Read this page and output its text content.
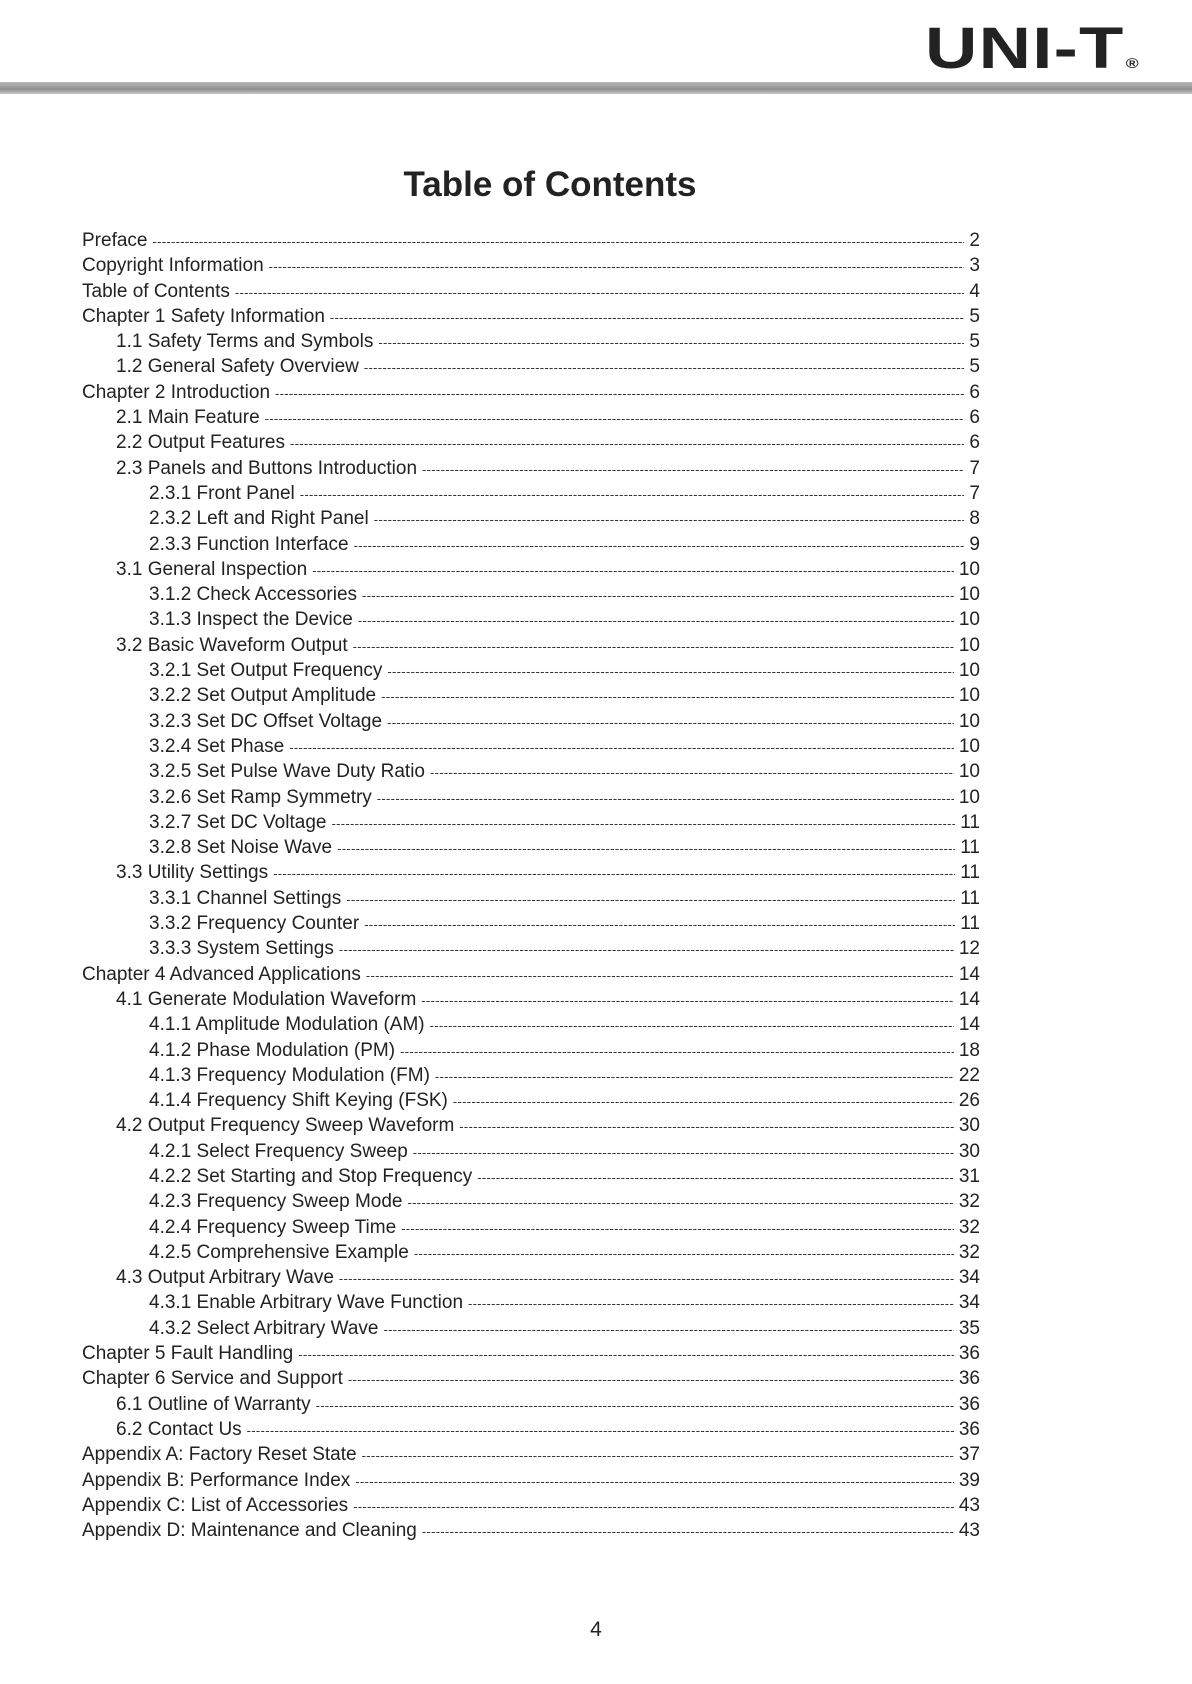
UNI-T®
Table of Contents
Preface -----	2
Copyright Information -----	3
Table of Contents -----	4
Chapter 1 Safety Information -----	5
1.1 Safety Terms and Symbols -----	5
1.2 General Safety Overview -----	5
Chapter 2 Introduction -----	6
2.1 Main Feature -----	6
2.2 Output Features -----	6
2.3 Panels and Buttons Introduction -----	7
2.3.1 Front Panel -----	7
2.3.2 Left and Right Panel -----	8
2.3.3 Function Interface -----	9
3.1 General Inspection -----	10
3.1.2 Check Accessories -----	10
3.1.3 Inspect the Device -----	10
3.2 Basic Waveform Output -----	10
3.2.1 Set Output Frequency -----	10
3.2.2 Set Output Amplitude -----	10
3.2.3 Set DC Offset Voltage -----	10
3.2.4 Set Phase -----	10
3.2.5 Set Pulse Wave Duty Ratio -----	10
3.2.6 Set Ramp Symmetry -----	10
3.2.7 Set DC Voltage -----	11
3.2.8 Set Noise Wave -----	11
3.3 Utility Settings -----	11
3.3.1 Channel Settings -----	11
3.3.2 Frequency Counter -----	11
3.3.3 System Settings -----	12
Chapter 4 Advanced Applications -----	14
4.1 Generate Modulation Waveform -----	14
4.1.1 Amplitude Modulation (AM) -----	14
4.1.2 Phase Modulation (PM) -----	18
4.1.3 Frequency Modulation (FM) -----	22
4.1.4 Frequency Shift Keying (FSK) -----	26
4.2 Output Frequency Sweep Waveform -----	30
4.2.1 Select Frequency Sweep -----	30
4.2.2 Set Starting and Stop Frequency -----	31
4.2.3 Frequency Sweep Mode -----	32
4.2.4 Frequency Sweep Time -----	32
4.2.5 Comprehensive Example -----	32
4.3 Output Arbitrary Wave -----	34
4.3.1 Enable Arbitrary Wave Function -----	34
4.3.2 Select Arbitrary Wave -----	35
Chapter 5 Fault Handling -----	36
Chapter 6 Service and Support -----	36
6.1 Outline of Warranty -----	36
6.2 Contact Us -----	36
Appendix A: Factory Reset State -----	37
Appendix B: Performance Index -----	39
Appendix C: List of Accessories -----	43
Appendix D: Maintenance and Cleaning -----	43
4
